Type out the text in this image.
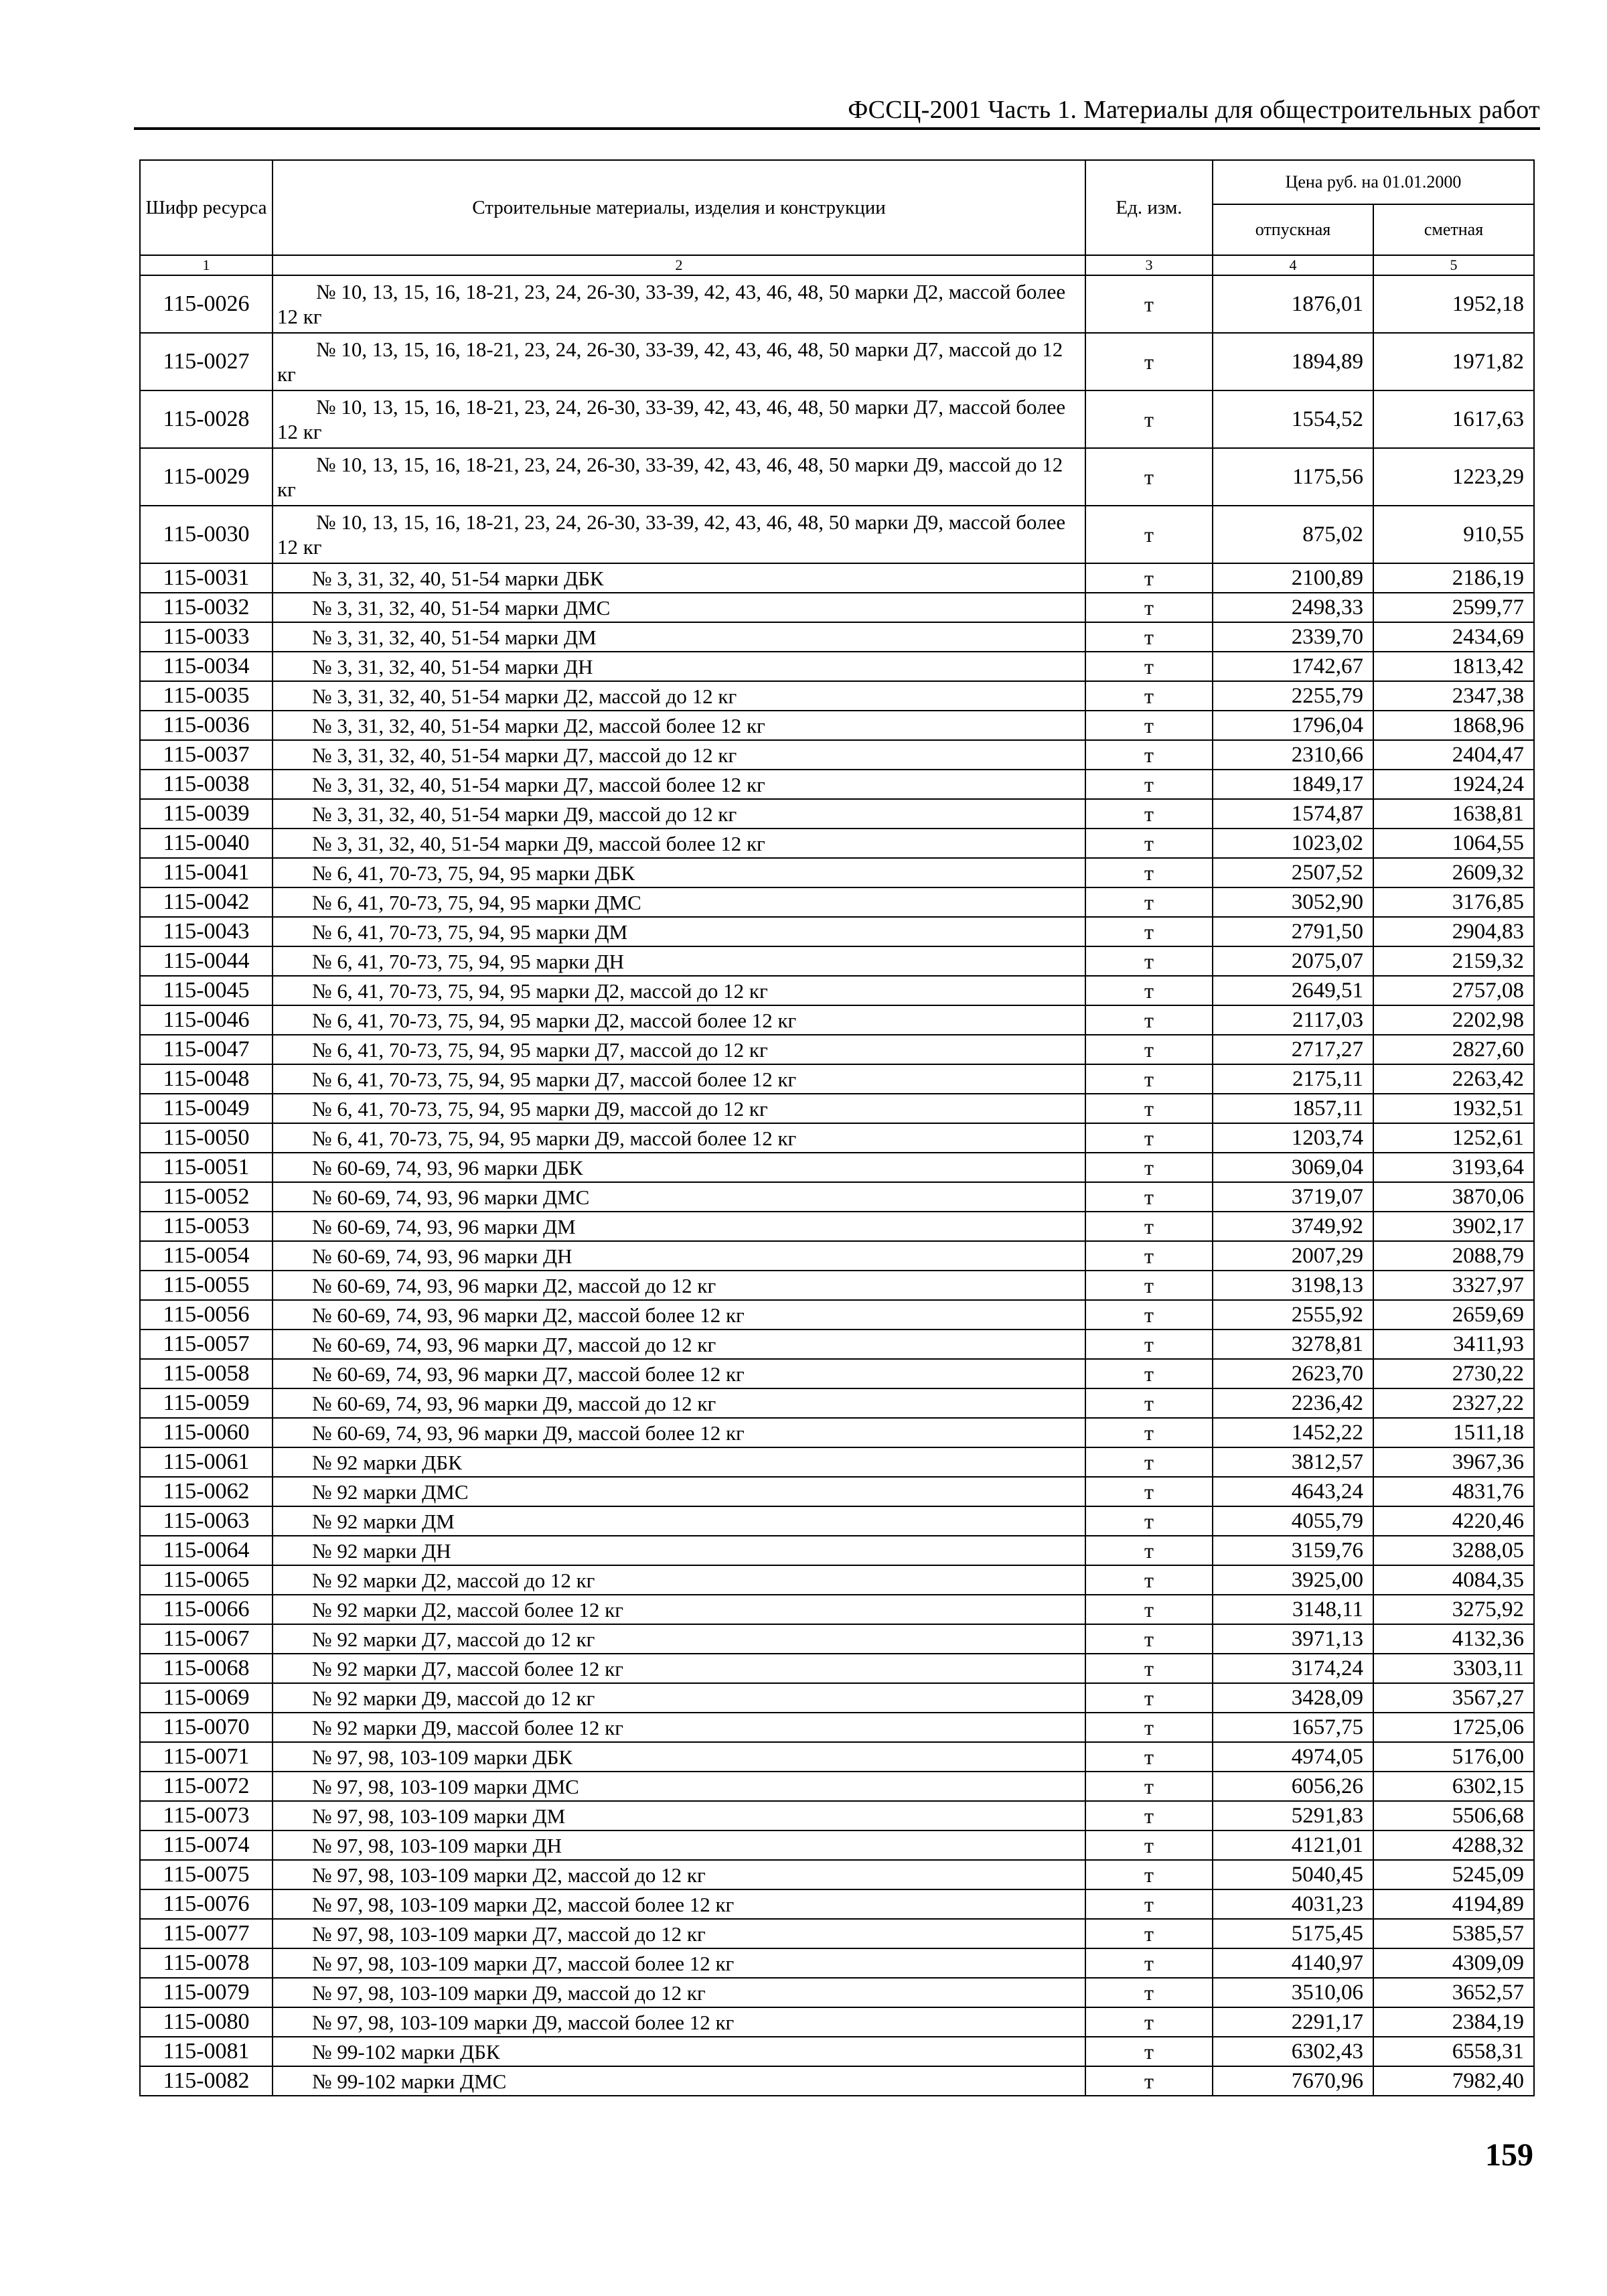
ФССЦ-2001 Часть 1. Материалы для общестроительных работ
Шифр ресурса	Строительные материалы, изделия и конструкции	Ед. изм.	Цена руб. на 01.01.2000	
			отпускная	сметная
1	2	3	4	5
115-0026	№ 10, 13, 15, 16, 18-21, 23, 24, 26-30, 33-39, 42, 43, 46, 48, 50 марки Д2, массой более 12 кг	т	1876,01	1952,18
115-0027	№ 10, 13, 15, 16, 18-21, 23, 24, 26-30, 33-39, 42, 43, 46, 48, 50 марки Д7, массой до 12 кг	т	1894,89	1971,82
115-0028	№ 10, 13, 15, 16, 18-21, 23, 24, 26-30, 33-39, 42, 43, 46, 48, 50 марки Д7, массой более 12 кг	т	1554,52	1617,63
115-0029	№ 10, 13, 15, 16, 18-21, 23, 24, 26-30, 33-39, 42, 43, 46, 48, 50 марки Д9, массой до 12 кг	т	1175,56	1223,29
115-0030	№ 10, 13, 15, 16, 18-21, 23, 24, 26-30, 33-39, 42, 43, 46, 48, 50 марки Д9, массой более 12 кг	т	875,02	910,55
115-0031	№ 3, 31, 32, 40, 51-54 марки ДБК	т	2100,89	2186,19
115-0032	№ 3, 31, 32, 40, 51-54 марки ДМС	т	2498,33	2599,77
115-0033	№ 3, 31, 32, 40, 51-54 марки ДМ	т	2339,70	2434,69
115-0034	№ 3, 31, 32, 40, 51-54 марки ДН	т	1742,67	1813,42
115-0035	№ 3, 31, 32, 40, 51-54 марки Д2, массой до 12 кг	т	2255,79	2347,38
115-0036	№ 3, 31, 32, 40, 51-54 марки Д2, массой более 12 кг	т	1796,04	1868,96
115-0037	№ 3, 31, 32, 40, 51-54 марки Д7, массой до 12 кг	т	2310,66	2404,47
115-0038	№ 3, 31, 32, 40, 51-54 марки Д7, массой более 12 кг	т	1849,17	1924,24
115-0039	№ 3, 31, 32, 40, 51-54 марки Д9, массой до 12 кг	т	1574,87	1638,81
115-0040	№ 3, 31, 32, 40, 51-54 марки Д9, массой более 12 кг	т	1023,02	1064,55
115-0041	№ 6, 41, 70-73, 75, 94, 95 марки ДБК	т	2507,52	2609,32
115-0042	№ 6, 41, 70-73, 75, 94, 95 марки ДМС	т	3052,90	3176,85
115-0043	№ 6, 41, 70-73, 75, 94, 95 марки ДМ	т	2791,50	2904,83
115-0044	№ 6, 41, 70-73, 75, 94, 95 марки ДН	т	2075,07	2159,32
115-0045	№ 6, 41, 70-73, 75, 94, 95 марки Д2, массой до 12 кг	т	2649,51	2757,08
115-0046	№ 6, 41, 70-73, 75, 94, 95 марки Д2, массой более 12 кг	т	2117,03	2202,98
115-0047	№ 6, 41, 70-73, 75, 94, 95 марки Д7, массой до 12 кг	т	2717,27	2827,60
115-0048	№ 6, 41, 70-73, 75, 94, 95 марки Д7, массой более 12 кг	т	2175,11	2263,42
115-0049	№ 6, 41, 70-73, 75, 94, 95 марки Д9, массой до 12 кг	т	1857,11	1932,51
115-0050	№ 6, 41, 70-73, 75, 94, 95 марки Д9, массой более 12 кг	т	1203,74	1252,61
115-0051	№ 60-69, 74, 93, 96 марки ДБК	т	3069,04	3193,64
115-0052	№ 60-69, 74, 93, 96 марки ДМС	т	3719,07	3870,06
115-0053	№ 60-69, 74, 93, 96 марки ДМ	т	3749,92	3902,17
115-0054	№ 60-69, 74, 93, 96 марки ДН	т	2007,29	2088,79
115-0055	№ 60-69, 74, 93, 96 марки Д2, массой до 12 кг	т	3198,13	3327,97
115-0056	№ 60-69, 74, 93, 96 марки Д2, массой более 12 кг	т	2555,92	2659,69
115-0057	№ 60-69, 74, 93, 96 марки Д7, массой до 12 кг	т	3278,81	3411,93
115-0058	№ 60-69, 74, 93, 96 марки Д7, массой более 12 кг	т	2623,70	2730,22
115-0059	№ 60-69, 74, 93, 96 марки Д9, массой до 12 кг	т	2236,42	2327,22
115-0060	№ 60-69, 74, 93, 96 марки Д9, массой более 12 кг	т	1452,22	1511,18
115-0061	№ 92 марки ДБК	т	3812,57	3967,36
115-0062	№ 92 марки ДМС	т	4643,24	4831,76
115-0063	№ 92 марки ДМ	т	4055,79	4220,46
115-0064	№ 92 марки ДН	т	3159,76	3288,05
115-0065	№ 92 марки Д2, массой до 12 кг	т	3925,00	4084,35
115-0066	№ 92 марки Д2, массой более 12 кг	т	3148,11	3275,92
115-0067	№ 92 марки Д7, массой до 12 кг	т	3971,13	4132,36
115-0068	№ 92 марки Д7, массой более 12 кг	т	3174,24	3303,11
115-0069	№ 92 марки Д9, массой до 12 кг	т	3428,09	3567,27
115-0070	№ 92 марки Д9, массой более 12 кг	т	1657,75	1725,06
115-0071	№ 97, 98, 103-109 марки ДБК	т	4974,05	5176,00
115-0072	№ 97, 98, 103-109 марки ДМС	т	6056,26	6302,15
115-0073	№ 97, 98, 103-109 марки ДМ	т	5291,83	5506,68
115-0074	№ 97, 98, 103-109 марки ДН	т	4121,01	4288,32
115-0075	№ 97, 98, 103-109 марки Д2, массой до 12 кг	т	5040,45	5245,09
115-0076	№ 97, 98, 103-109 марки Д2, массой более 12 кг	т	4031,23	4194,89
115-0077	№ 97, 98, 103-109 марки Д7, массой до 12 кг	т	5175,45	5385,57
115-0078	№ 97, 98, 103-109 марки Д7, массой более 12 кг	т	4140,97	4309,09
115-0079	№ 97, 98, 103-109 марки Д9, массой до 12 кг	т	3510,06	3652,57
115-0080	№ 97, 98, 103-109 марки Д9, массой более 12 кг	т	2291,17	2384,19
115-0081	№ 99-102 марки ДБК	т	6302,43	6558,31
115-0082	№ 99-102 марки ДМС	т	7670,96	7982,40
159
